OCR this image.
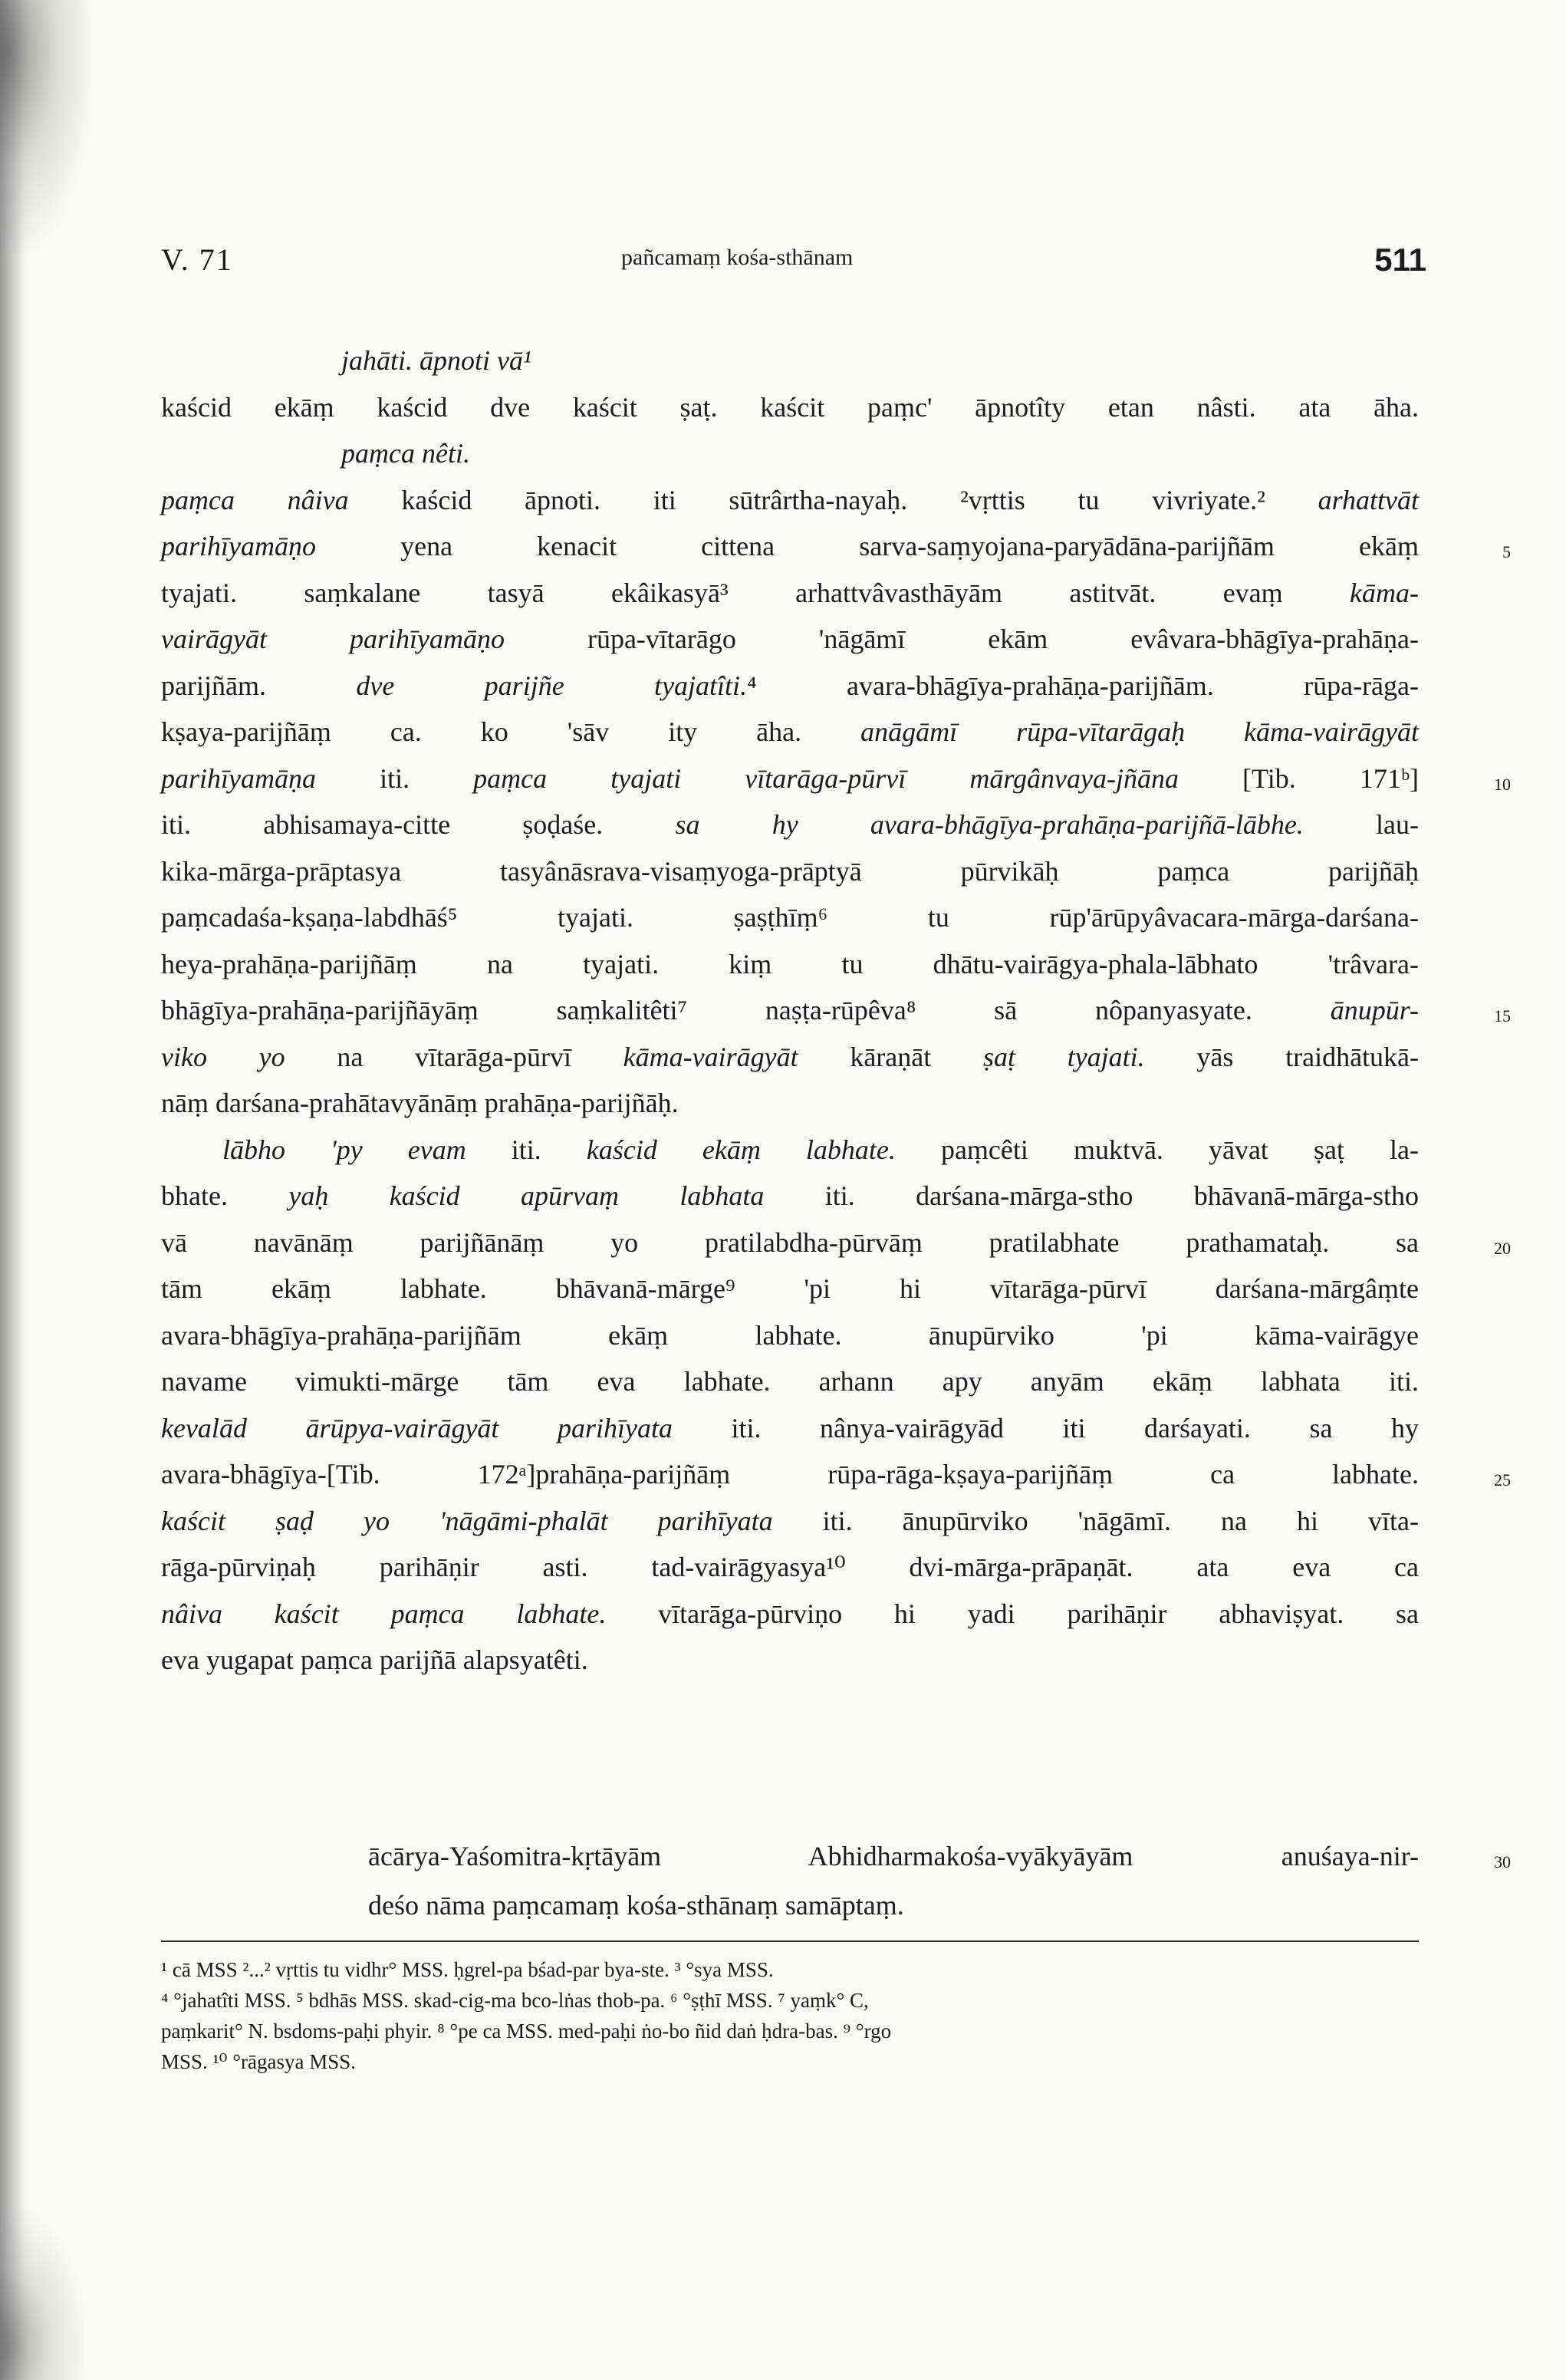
V. 71	pañcamaṃ kośa-sthānam	511
jahāti. āpnoti vā¹
kaścid ekāṃ kaścid dve kaścit ṣaṭ. kaścit paṃc' āpnotîty etan nâsti. ata āha.
paṃca nêti.
paṃca nâiva kaścid āpnoti. iti sūtrârtha-nayaḥ. ²vṛttis tu vivriyate.² arhattvāt
parihīyamāṇo yena kenacit cittena sarva-saṃyojana-paryādāna-parijñām ekāṃ	5
tyajati. saṃkalane tasyā ekâikasyā³ arhattvâvasthāyām astitvāt. evaṃ kāma-
vairāgyāt parihīyamāṇo rūpa-vītarāgo 'nāgāmī ekām evâvara-bhāgīya-prahāṇa-
parijñām. dve parijñe tyajatîti.⁴ avara-bhāgīya-prahāṇa-parijñām. rūpa-rāga-
kṣaya-parijñāṃ ca. ko 'sāv ity āha. anāgāmī rūpa-vītarāgaḥ kāma-vairāgyāt
parihīyamāṇa iti. paṃca tyajati vītarāga-pūrvī mārgânvaya-jñāna [Tib. 171ᵇ]	10
iti. abhisamaya-citte ṣoḍaśe. sa hy avara-bhāgīya-prahāṇa-parijñā-lābhe. lau-
kika-mārga-prāptasya tasyânāsrava-visaṃyoga-prāptyā pūrvikāḥ paṃca parijñāḥ
paṃcadaśa-kṣaṇa-labdhāś⁵ tyajati. ṣaṣṭhīṃ⁶ tu rūp'ārūpyâvacara-mārga-darśana-
heya-prahāṇa-parijñāṃ na tyajati. kiṃ tu dhātu-vairāgya-phala-lābhato 'trâvara-
bhāgīya-prahāṇa-parijñāyāṃ saṃkalitêti⁷ naṣṭa-rūpêva⁸ sā nôpanyasyate. ānupūr-	15
viko yo na vītarāga-pūrvī kāma-vairāgyāt kāraṇāt ṣaṭ tyajati. yās traidhātukā-
nāṃ darśana-prahātavyānāṃ prahāṇa-parijñāḥ.
lābho 'py evam iti. kaścid ekāṃ labhate. paṃcêti muktvā. yāvat ṣaṭ la-
bhate. yaḥ kaścid apūrvaṃ labhata iti. darśana-mārga-stho bhāvanā-mārga-stho
vā navānāṃ parijñānāṃ yo pratilabdha-pūrvāṃ pratilabhate prathamataḥ. sa	20
tām ekāṃ labhate. bhāvanā-mārge⁹ 'pi hi vītarāga-pūrvī darśana-mārgâṃte
avara-bhāgīya-prahāṇa-parijñām ekāṃ labhate. ānupūrviko 'pi kāma-vairāgye
navame vimukti-mārge tām eva labhate. arhann apy anyām ekāṃ labhata iti.
kevalād ārūpya-vairāgyāt parihīyata iti. nânya-vairāgyād iti darśayati. sa hy
avara-bhāgīya-[Tib. 172ᵃ]prahāṇa-parijñāṃ rūpa-rāga-kṣaya-parijñāṃ ca labhate.	25
kaścit ṣaḍ yo 'nāgāmi-phalāt parihīyata iti. ānupūrviko 'nāgāmī. na hi vīta-
rāga-pūrviṇaḥ parihāṇir asti. tad-vairāgyasya¹⁰ dvi-mārga-prāpaṇāt. ata eva ca
nâiva kaścit paṃca labhate. vītarāga-pūrviṇo hi yadi parihāṇir abhaviṣyat. sa
eva yugapat paṃca parijñā alapsyatêti.
ācārya-Yaśomitra-kṛtāyām Abhidharmakośa-vyākyāyām anuśaya-nir-	30
deśo nāma paṃcamaṃ kośa-sthānaṃ samāptaṃ.
¹ cā MSS ²...² vṛttis tu vidhr° MSS. ḥgrel-pa bśad-par bya-ste. ³ °sya MSS.
⁴ °jahatîti MSS. ⁵ bdhās MSS. skad-cig-ma bco-lṅas thob-pa. ⁶ °ṣṭhī MSS. ⁷ yaṃk° C,
paṃkarit° N. bsdoms-paḥi phyir. ⁸ °pe ca MSS. med-paḥi ṅo-bo ñid daṅ ḥdra-bas. ⁹ °rgo
MSS. ¹⁰ °rāgasya MSS.
